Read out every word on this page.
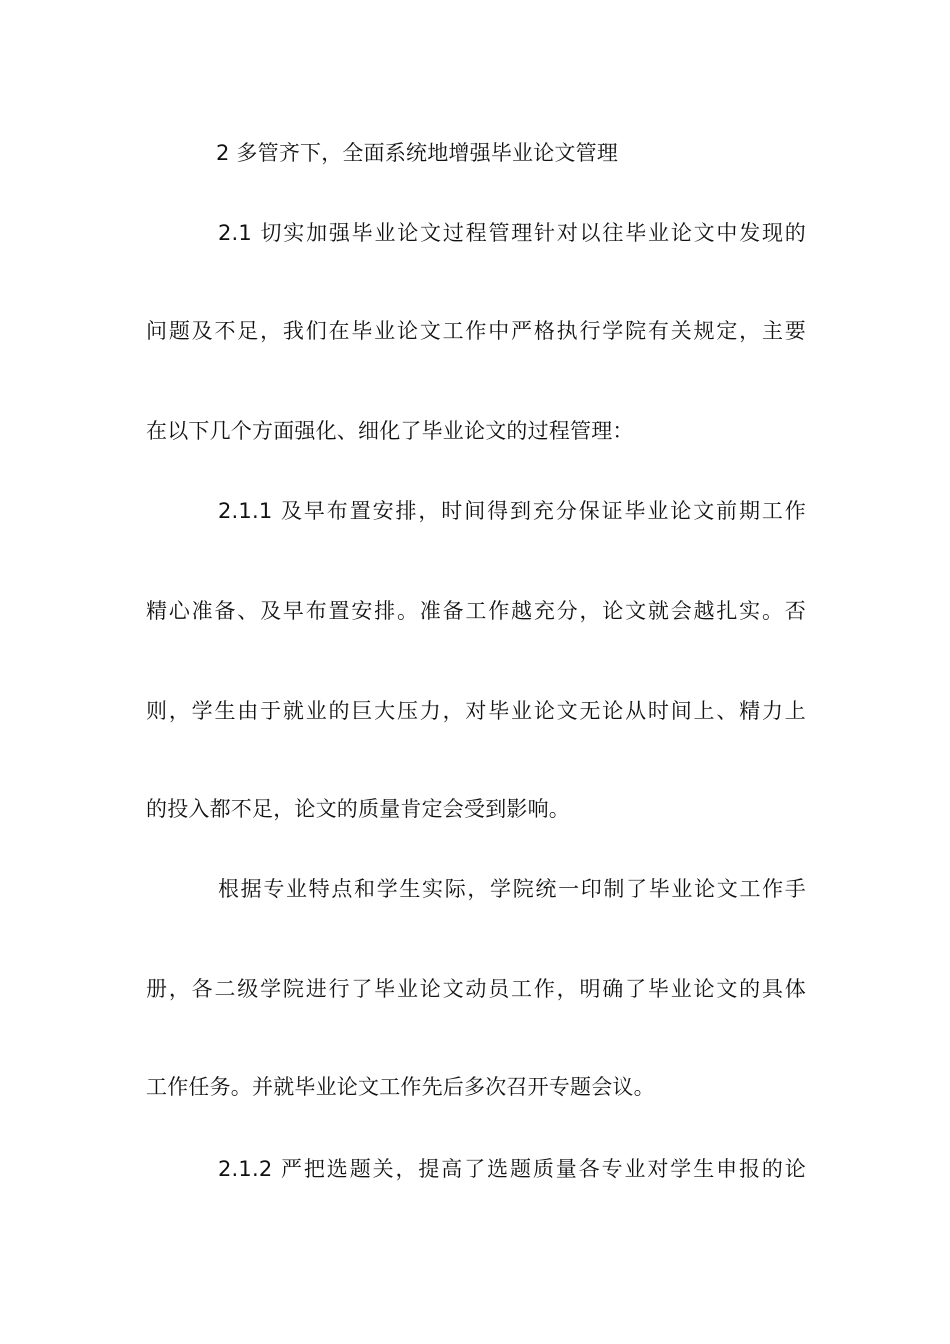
2 多管齐下，全面系统地增强毕业论文管理
2.1 切实加强毕业论文过程管理针对以往毕业论文中发现的
问题及不足，我们在毕业论文工作中严格执行学院有关规定，主要
在以下几个方面强化、细化了毕业论文的过程管理：
2.1.1 及早布置安排，时间得到充分保证毕业论文前期工作
精心准备、及早布置安排。准备工作越充分，论文就会越扎实。否
则，学生由于就业的巨大压力，对毕业论文无论从时间上、精力上
的投入都不足，论文的质量肯定会受到影响。
根据专业特点和学生实际，学院统一印制了毕业论文工作手
册，各二级学院进行了毕业论文动员工作，明确了毕业论文的具体
工作任务。并就毕业论文工作先后多次召开专题会议。
2.1.2 严把选题关，提高了选题质量各专业对学生申报的论
